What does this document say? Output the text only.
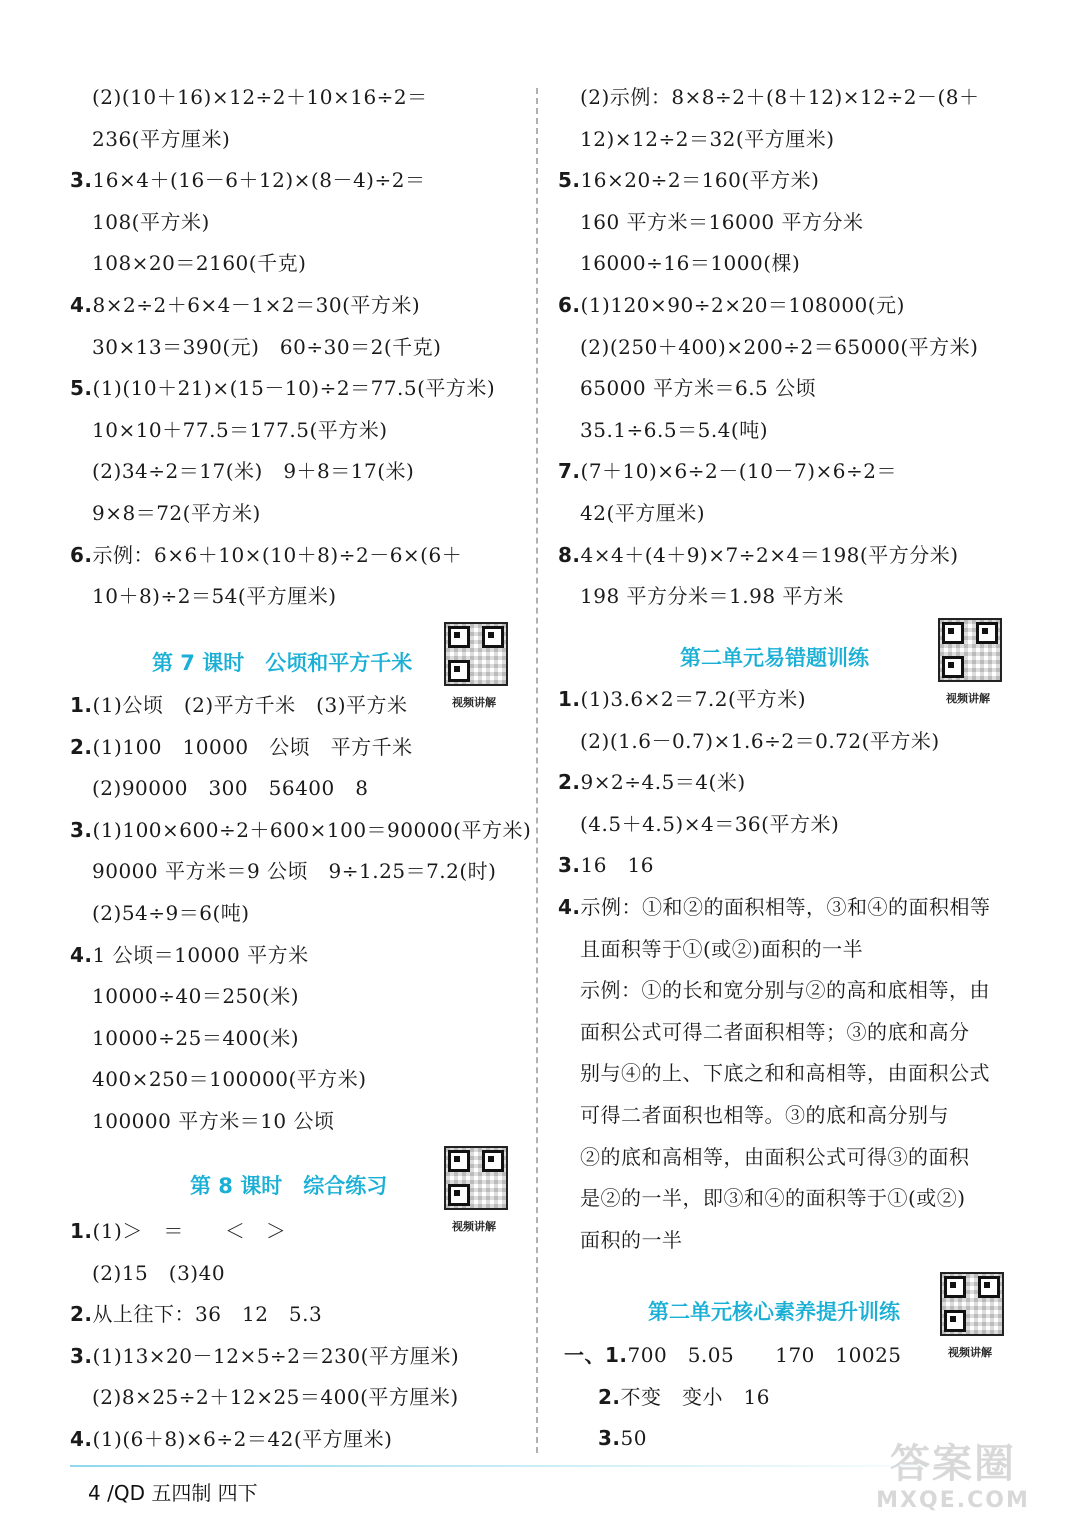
(2)(10＋16)×12÷2＋10×16÷2＝
236(平方厘米)
3.16×4＋(16－6＋12)×(8－4)÷2＝
108(平方米)
108×20＝2160(千克)
4.8×2÷2＋6×4－1×2＝30(平方米)
30×13＝390(元)　60÷30＝2(千克)
5.(1)(10＋21)×(15－10)÷2＝77.5(平方米)
10×10＋77.5＝177.5(平方米)
(2)34÷2＝17(米)　9＋8＝17(米)
9×8＝72(平方米)
6.示例：6×6＋10×(10＋8)÷2－6×(6＋
10＋8)÷2＝54(平方厘米)
1.(1)公顷　(2)平方千米　(3)平方米
2.(1)100　10000　公顷　平方千米
(2)90000　300　56400　8
3.(1)100×600÷2＋600×100＝90000(平方米)
90000 平方米＝9 公顷　9÷1.25＝7.2(时)
(2)54÷9＝6(吨)
4.1 公顷＝10000 平方米
10000÷40＝250(米)
10000÷25＝400(米)
400×250＝100000(平方米)
100000 平方米＝10 公顷
1.(1)＞　＝　　＜　＞
(2)15　(3)40
2.从上往下：36　12　5.3
3.(1)13×20－12×5÷2＝230(平方厘米)
(2)8×25÷2＋12×25＝400(平方厘米)
4.(1)(6＋8)×6÷2＝42(平方厘米)
(2)示例：8×8÷2＋(8＋12)×12÷2－(8＋
12)×12÷2＝32(平方厘米)
5.16×20÷2＝160(平方米)
160 平方米＝16000 平方分米
16000÷16＝1000(棵)
6.(1)120×90÷2×20＝108000(元)
(2)(250＋400)×200÷2＝65000(平方米)
65000 平方米＝6.5 公顷
35.1÷6.5＝5.4(吨)
7.(7＋10)×6÷2－(10－7)×6÷2＝
42(平方厘米)
8.4×4＋(4＋9)×7÷2×4＝198(平方分米)
198 平方分米＝1.98 平方米
1.(1)3.6×2＝7.2(平方米)
(2)(1.6－0.7)×1.6÷2＝0.72(平方米)
2.9×2÷4.5＝4(米)
(4.5＋4.5)×4＝36(平方米)
3.16　16
4.示例：①和②的面积相等，③和④的面积相等
且面积等于①(或②)面积的一半
示例：①的长和宽分别与②的高和底相等，由
面积公式可得二者面积相等；③的底和高分
别与④的上、下底之和和高相等，由面积公式
可得二者面积也相等。③的底和高分别与
②的底和高相等，由面积公式可得③的面积
是②的一半，即③和④的面积等于①(或②)
面积的一半
一、1.700　5.05　　170　10025
2.不变　变小　16
3.50
第 7 课时　公顷和平方千米
视频讲解
第 8 课时　综合练习
视频讲解
第二单元易错题训练
视频讲解
第二单元核心素养提升训练
视频讲解
4 /QD 五四制 四下
答案圈
MXQE.COM
